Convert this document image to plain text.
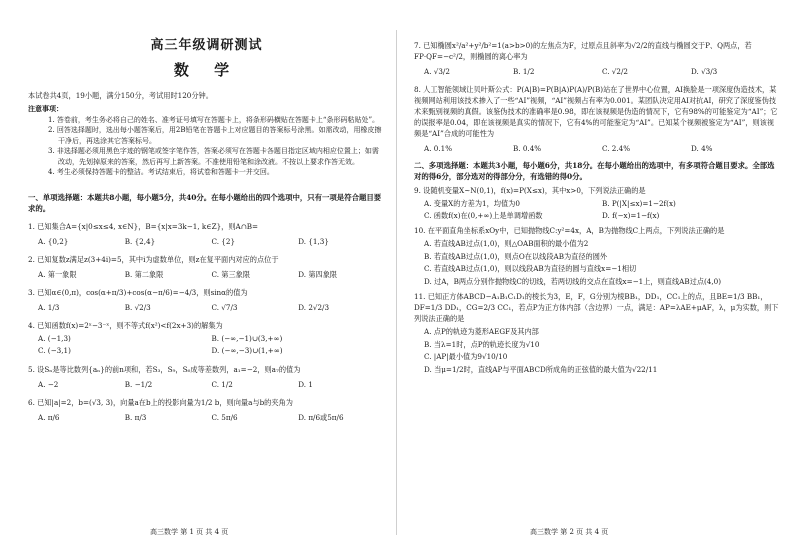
高三年级调研测试
数 学
本试卷共4页，19小题，满分150分，考试用时120分钟。
注意事项：
1. 答卷前，考生务必将自己的姓名、准考证号填写在答题卡上，将条形码横贴在答题卡上“条形码粘贴处”。
2. 回答选择题时，选出每小题答案后，用2B铅笔在答题卡上对应题目的答案标号涂黑。如需改动，用橡皮擦干净后，再选涂其它答案标号。
3. 非选择题必须用黑色字迹的钢笔或签字笔作答，答案必须写在答题卡各题目指定区域内相应位置上；如需改动，先划掉原来的答案，然后再写上新答案。不准使用铅笔和涂改液。不按以上要求作答无效。
4. 考生必须保持答题卡的整洁。考试结束后，将试卷和答题卡一并交回。
一、单项选择题：本题共8小题，每小题5分，共40分。在每小题给出的四个选项中，只有一项是符合题目要求的。

1. 已知集合A={x|0≤x≤4, x∈N}，B={x|x=3k−1, k∈Z}，则A∩B=

A. {0,2}	B. {2,4}	C. {2}	D. {1,3}

2. 已知复数z满足z(3+4i)=5，其中i为虚数单位，则z在复平面内对应的点位于

A. 第一象限	B. 第二象限	C. 第三象限	D. 第四象限

3. 已知α∈(0,π)，cos(α+π/3)+cos(α−π/6)=−4/3，则sinα的值为

A. 1/3	B. √2/3	C. √7/3	D. 2√2/3

4. 已知函数f(x)=2ˣ−3⁻ˣ，则不等式f(x²)<f(2x+3)的解集为

A. (−1,3)	B. (−∞,−1)∪(3,+∞)
C. (−3,1)	D. (−∞,−3)∪(1,+∞)

5. 设Sₙ是等比数列{aₙ}的前n项和，若S₃，S₉，S₆成等差数列，a₁=−2，则a₇的值为

A. −2	B. −1/2	C. 1/2	D. 1

6. 已知|a|=2，b=(√3, 3)，向量a在b上的投影向量为1/2 b，则向量a与b的夹角为

A. π/6	B. π/3	C. 5π/6	D. π/6或5π/6
高三数学 第 1 页 共 4 页

7. 已知椭圆x²/a²+y²/b²=1(a>b>0)的左焦点为F，过原点且斜率为√2/2的直线与椭圆交于P、Q两点，若FP·QF=−c²/2，则椭圆的离心率为

A. √3/2	B. 1/2	C. √2/2	D. √3/3

8. 人工智能领域让贝叶斯公式：P(A|B)=P(B|A)P(A)/P(B)站在了世界中心位置，AI换脸是一项深度伪造技术，某视频网站利用该技术掺入了一些“AI”视频，“AI”视频占有率为0.001。某团队决定用AI对抗AI，研究了深度鉴伪技术来甄别视频的真假。该鉴伪技术的准确率是0.98，即在该视频是伪造的情况下，它有98%的可能鉴定为“AI”；它的误报率是0.04，即在该视频是真实的情况下，它有4%的可能鉴定为“AI”。已知某个视频被鉴定为“AI”，则该视频是“AI”合成的可能性为

A. 0.1%	B. 0.4%	C. 2.4%	D. 4%
二、多项选择题：本题共3小题，每小题6分，共18分。在每小题给出的选项中，有多项符合题目要求。全部选对的得6分，部分选对的得部分分，有选错的得0分。

9. 设随机变量X~N(0,1)，f(x)=P(X≤x)，其中x>0，下列说法正确的是

A. 变量X的方差为1，均值为0	B. P(|X|≤x)=1−2f(x)
C. 函数f(x)在(0,+∞)上是单调增函数	D. f(−x)=1−f(x)

10. 在平面直角坐标系xOy中，已知抛物线C:y²=4x，A，B为抛物线C上两点，下列说法正确的是

A. 若直线AB过点(1,0)，则△OAB面积的最小值为2

B. 若直线AB过点(1,0)，则点O在以线段AB为直径的圆外

C. 若直线AB过点(1,0)，则以线段AB为直径的圆与直线x=−1相切

D. 过A，B两点分别作抛物线C的切线，若两切线的交点在直线x=−1上，则直线AB过点(4,0)

11. 已知正方体ABCD−A₁B₁C₁D₁的棱长为3，E，F，G分别为棱BB₁，DD₁，CC₁上的点，且BE=1/3 BB₁，DF=1/3 DD₁，CG=2/3 CC₁，若点P为正方体内部（含边界）一点，满足：AP=λAE+μAF，λ，μ为实数，则下列说法正确的是

A. 点P的轨迹为菱形AEGF及其内部

B. 当λ=1时，点P的轨迹长度为√10

C. |AP|最小值为9√10/10

D. 当μ=1/2时，直线AP与平面ABCD所成角的正弦值的最大值为√22/11

高三数学 第 2 页 共 4 页
